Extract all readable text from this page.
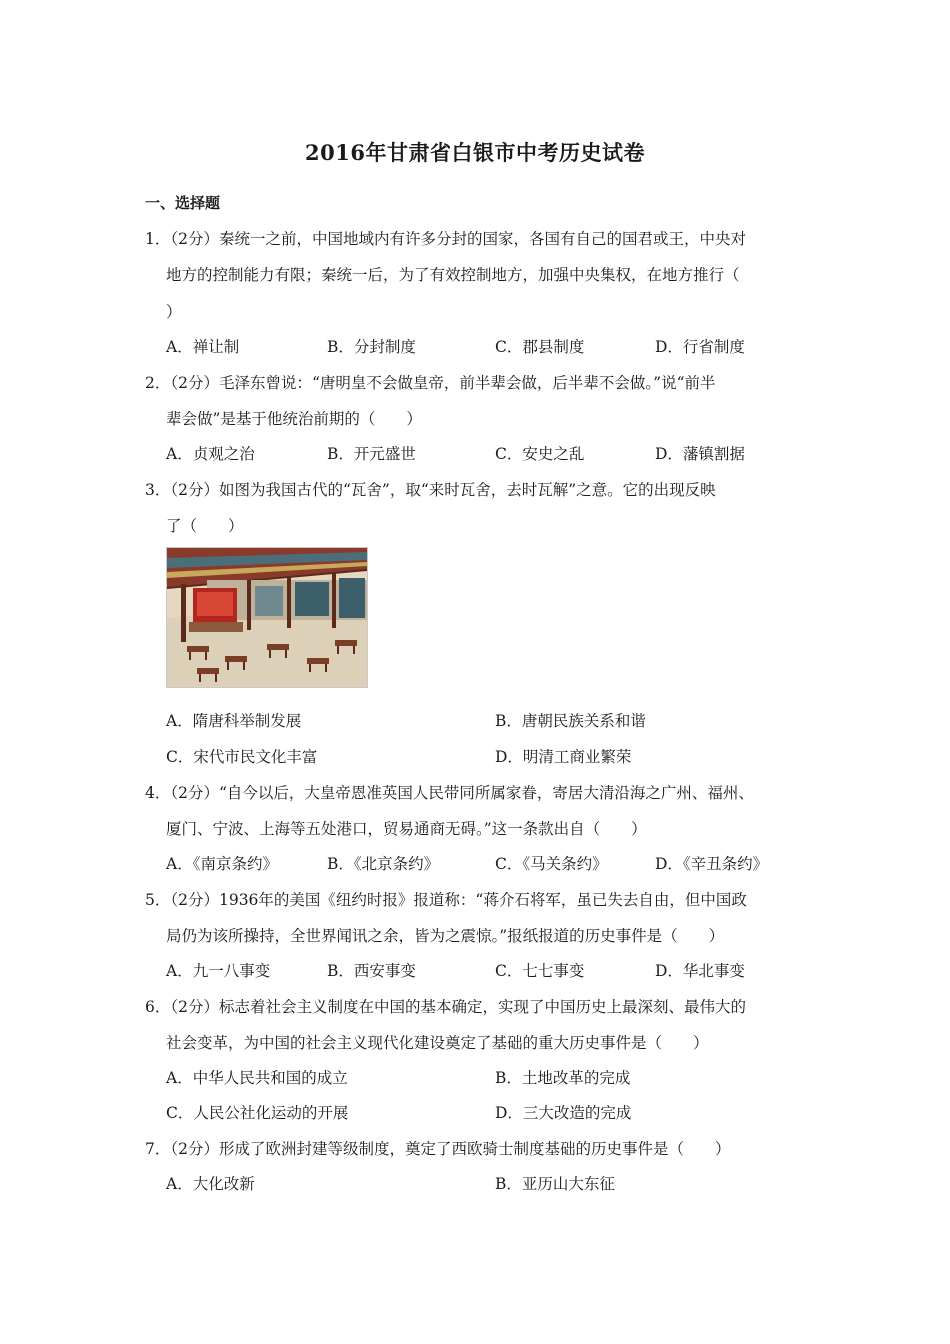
2016年甘肃省白银市中考历史试卷
一、选择题
1．（2分）秦统一之前，中国地域内有许多分封的国家，各国有自己的国君或王，中央对
地方的控制能力有限；秦统一后，为了有效控制地方，加强中央集权，在地方推行（
）
A．禅让制	B．分封制度	C．郡县制度	D．行省制度
2．（2分）毛泽东曾说：“唐明皇不会做皇帝，前半辈会做，后半辈不会做。”说“前半
辈会做”是基于他统治前期的（　　）
A．贞观之治	B．开元盛世	C．安史之乱	D．藩镇割据
3．（2分）如图为我国古代的“瓦舍”，取“来时瓦舍，去时瓦解”之意。它的出现反映
了（　　）
A．隋唐科举制发展	B．唐朝民族关系和谐
C．宋代市民文化丰富	D．明清工商业繁荣
4．（2分）“自今以后，大皇帝恩准英国人民带同所属家眷，寄居大清沿海之广州、福州、
厦门、宁波、上海等五处港口，贸易通商无碍。”这一条款出自（　　）
A．《南京条约》	B．《北京条约》	C．《马关条约》	D．《辛丑条约》
5．（2分）1936年的美国《纽约时报》报道称：“蒋介石将军，虽已失去自由，但中国政
局仍为该所操持，全世界闻讯之余，皆为之震惊。”报纸报道的历史事件是（　　）
A．九一八事变	B．西安事变	C．七七事变	D．华北事变
6．（2分）标志着社会主义制度在中国的基本确定，实现了中国历史上最深刻、最伟大的
社会变革，为中国的社会主义现代化建设奠定了基础的重大历史事件是（　　）
A．中华人民共和国的成立	B．土地改革的完成
C．人民公社化运动的开展	D．三大改造的完成
7．（2分）形成了欧洲封建等级制度，奠定了西欧骑士制度基础的历史事件是（　　）
A．大化改新	B．亚历山大东征
